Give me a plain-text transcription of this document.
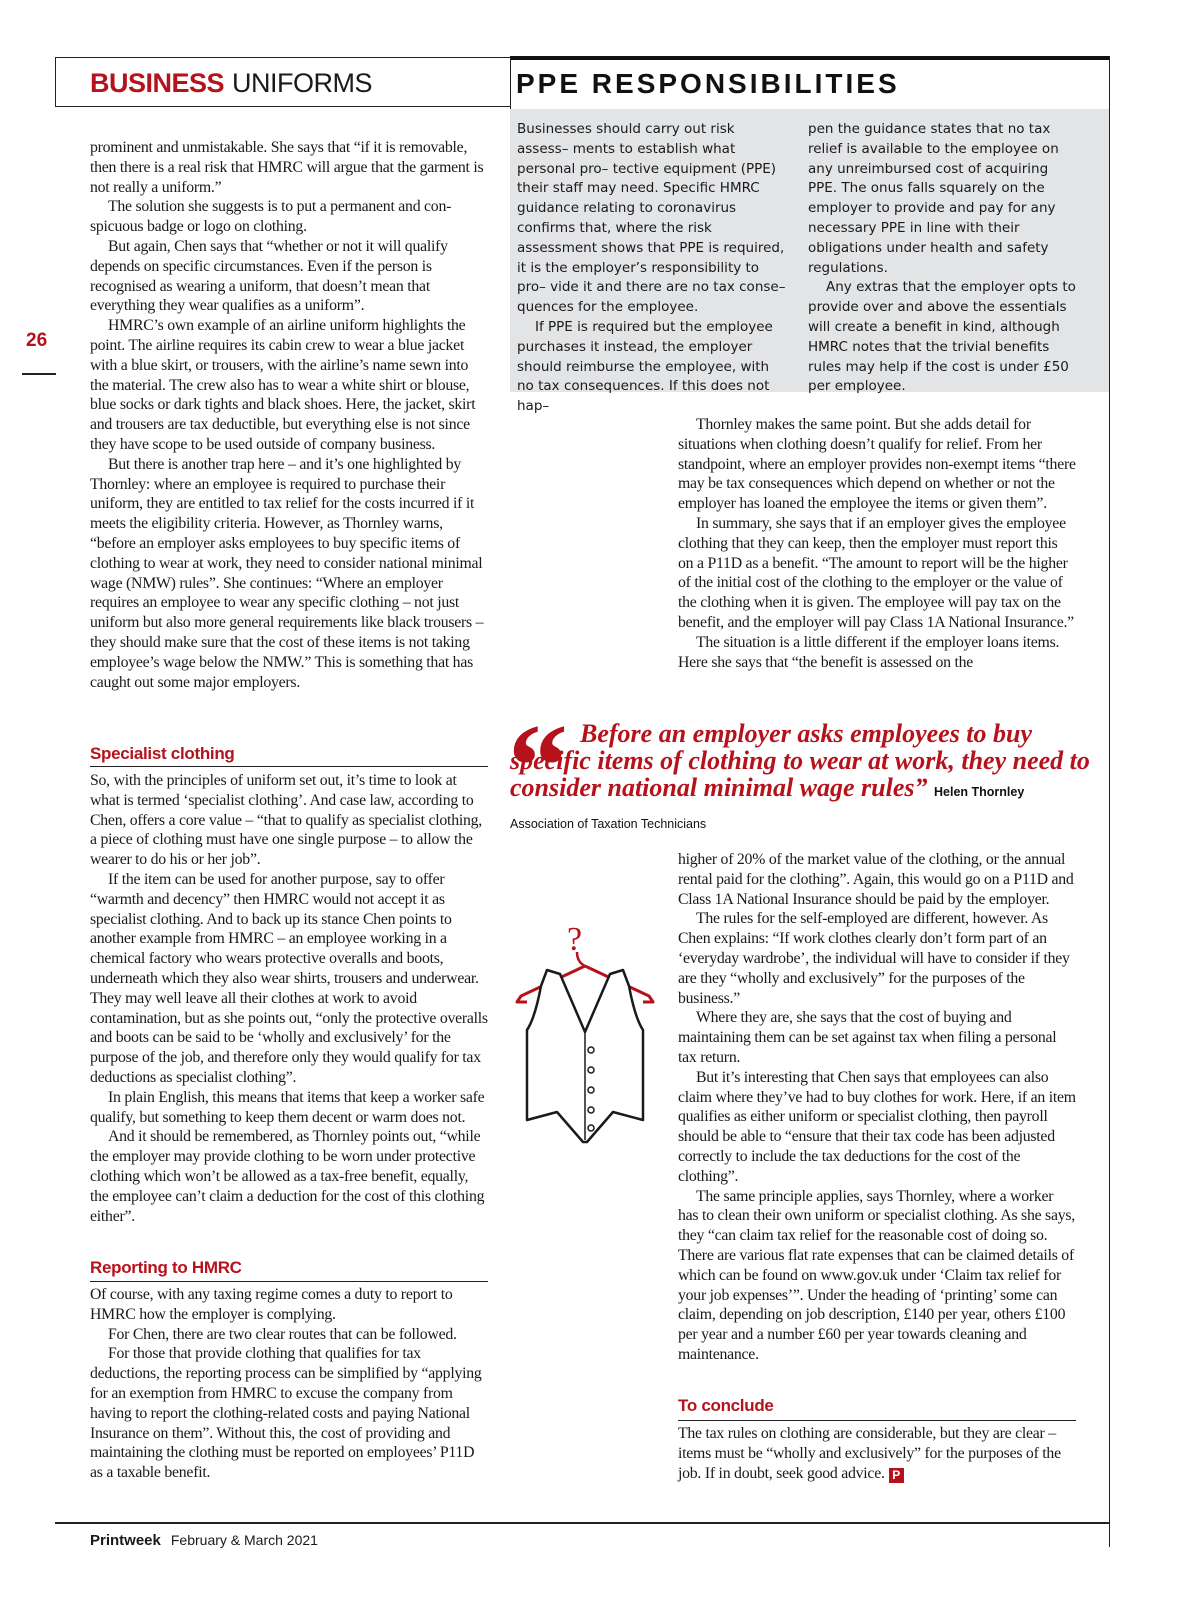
BUSINESS UNIFORMS	PPE RESPONSIBILITIES

Businesses should carry out risk assess– ments to establish what personal pro– tective equipment (PPE) their staff may need. Specific HMRC guidance relating to coronavirus confirms that, where the risk assessment shows that PPE is required, it is the employer’s responsibility to pro– vide it and there are no tax conse– quences for the employee.

If PPE is required but the employee purchases it instead, the employer should reimburse the employee, with no tax consequences. If this does not hap–

pen the guidance states that no tax relief is available to the employee on any unreimbursed cost of acquiring PPE. The onus falls squarely on the employer to provide and pay for any necessary PPE in line with their obligations under health and safety regulations.

Any extras that the employer opts to provide over and above the essentials will create a benefit in kind, although HMRC notes that the trivial benefits rules may help if the cost is under £50 per employee.

26

prominent and unmistakable. She says that “if it is removable, then there is a real risk that HMRC will argue that the garment is not really a uniform.”

The solution she suggests is to put a permanent and conspicuous badge or logo on clothing.

But again, Chen says that “whether or not it will qualify depends on specific circumstances. Even if the person is recognised as wearing a uniform, that doesn’t mean that everything they wear qualifies as a uniform”.

HMRC’s own example of an airline uniform highlights the point. The airline requires its cabin crew to wear a blue jacket with a blue skirt, or trousers, with the airline’s name sewn into the material. The crew also has to wear a white shirt or blouse, blue socks or dark tights and black shoes. Here, the jacket, skirt and trousers are tax deductible, but everything else is not since they have scope to be used outside of company business.

But there is another trap here – and it’s one highlighted by Thornley: where an employee is required to purchase their uniform, they are entitled to tax relief for the costs incurred if it meets the eligibility criteria. However, as Thornley warns, “before an employer asks employees to buy specific items of clothing to wear at work, they need to consider national minimal wage (NMW) rules”. She continues: “Where an employer requires an employee to wear any specific clothing – not just uniform but also more general requirements like black trousers – they should make sure that the cost of these items is not taking employee’s wage below the NMW.” This is something that has caught out some major employers.

Specialist clothing

So, with the principles of uniform set out, it’s time to look at what is termed ‘specialist clothing’. And case law, according to Chen, offers a core value – “that to qualify as specialist clothing, a piece of clothing must have one single purpose – to allow the wearer to do his or her job”.

If the item can be used for another purpose, say to offer “warmth and decency” then HMRC would not accept it as specialist clothing. And to back up its stance Chen points to another example from HMRC – an employee working in a chemical factory who wears protective overalls and boots, underneath which they also wear shirts, trousers and underwear. They may well leave all their clothes at work to avoid contamination, but as she points out, “only the protective overalls and boots can be said to be ‘wholly and exclusively’ for the purpose of the job, and therefore only they would qualify for tax deductions as specialist clothing”.

In plain English, this means that items that keep a worker safe qualify, but something to keep them decent or warm does not.

And it should be remembered, as Thornley points out, “while the employer may provide clothing to be worn under protective clothing which won’t be allowed as a tax-free benefit, equally, the employee can’t claim a deduction for the cost of this clothing either”.

Reporting to HMRC

Of course, with any taxing regime comes a duty to report to HMRC how the employer is complying.

For Chen, there are two clear routes that can be followed.

For those that provide clothing that qualifies for tax deductions, the reporting process can be simplified by “applying for an exemption from HMRC to excuse the company from having to report the clothing-related costs and paying National Insurance on them”. Without this, the cost of providing and maintaining the clothing must be reported on employees’ P11D as a taxable benefit.

Thornley makes the same point. But she adds detail for situations when clothing doesn’t qualify for relief. From her standpoint, where an employer provides non-exempt items “there may be tax consequences which depend on whether or not the employer has loaned the employee the items or given them”.

In summary, she says that if an employer gives the employee clothing that they can keep, then the employer must report this on a P11D as a benefit. “The amount to report will be the higher of the initial cost of the clothing to the employer or the value of the clothing when it is given. The employee will pay tax on the benefit, and the employer will pay Class 1A National Insurance.”

The situation is a little different if the employer loans items. Here she says that “the benefit is assessed on the

“ Before an employer asks employees to buy specific items of clothing to wear at work, they need to consider national minimal wage rules” Helen Thornley Association of Taxation Technicians
?

higher of 20% of the market value of the clothing, or the annual rental paid for the clothing”. Again, this would go on a P11D and Class 1A National Insurance should be paid by the employer.

The rules for the self-employed are different, however. As Chen explains: “If work clothes clearly don’t form part of an ‘everyday wardrobe’, the individual will have to consider if they are they “wholly and exclusively” for the purposes of the business.”

Where they are, she says that the cost of buying and maintaining them can be set against tax when filing a personal tax return.

But it’s interesting that Chen says that employees can also claim where they’ve had to buy clothes for work. Here, if an item qualifies as either uniform or specialist clothing, then payroll should be able to “ensure that their tax code has been adjusted correctly to include the tax deductions for the cost of the clothing”.

The same principle applies, says Thornley, where a worker has to clean their own uniform or specialist clothing. As she says, they “can claim tax relief for the reasonable cost of doing so. There are various flat rate expenses that can be claimed details of which can be found on www.gov.uk under ‘Claim tax relief for your job expenses’”. Under the heading of ‘printing’ some can claim, depending on job description, £140 per year, others £100 per year and a number £60 per year towards cleaning and maintenance.

To conclude

The tax rules on clothing are considerable, but they are clear – items must be “wholly and exclusively” for the purposes of the job. If in doubt, seek good advice. P

Printweek February & March 2021
